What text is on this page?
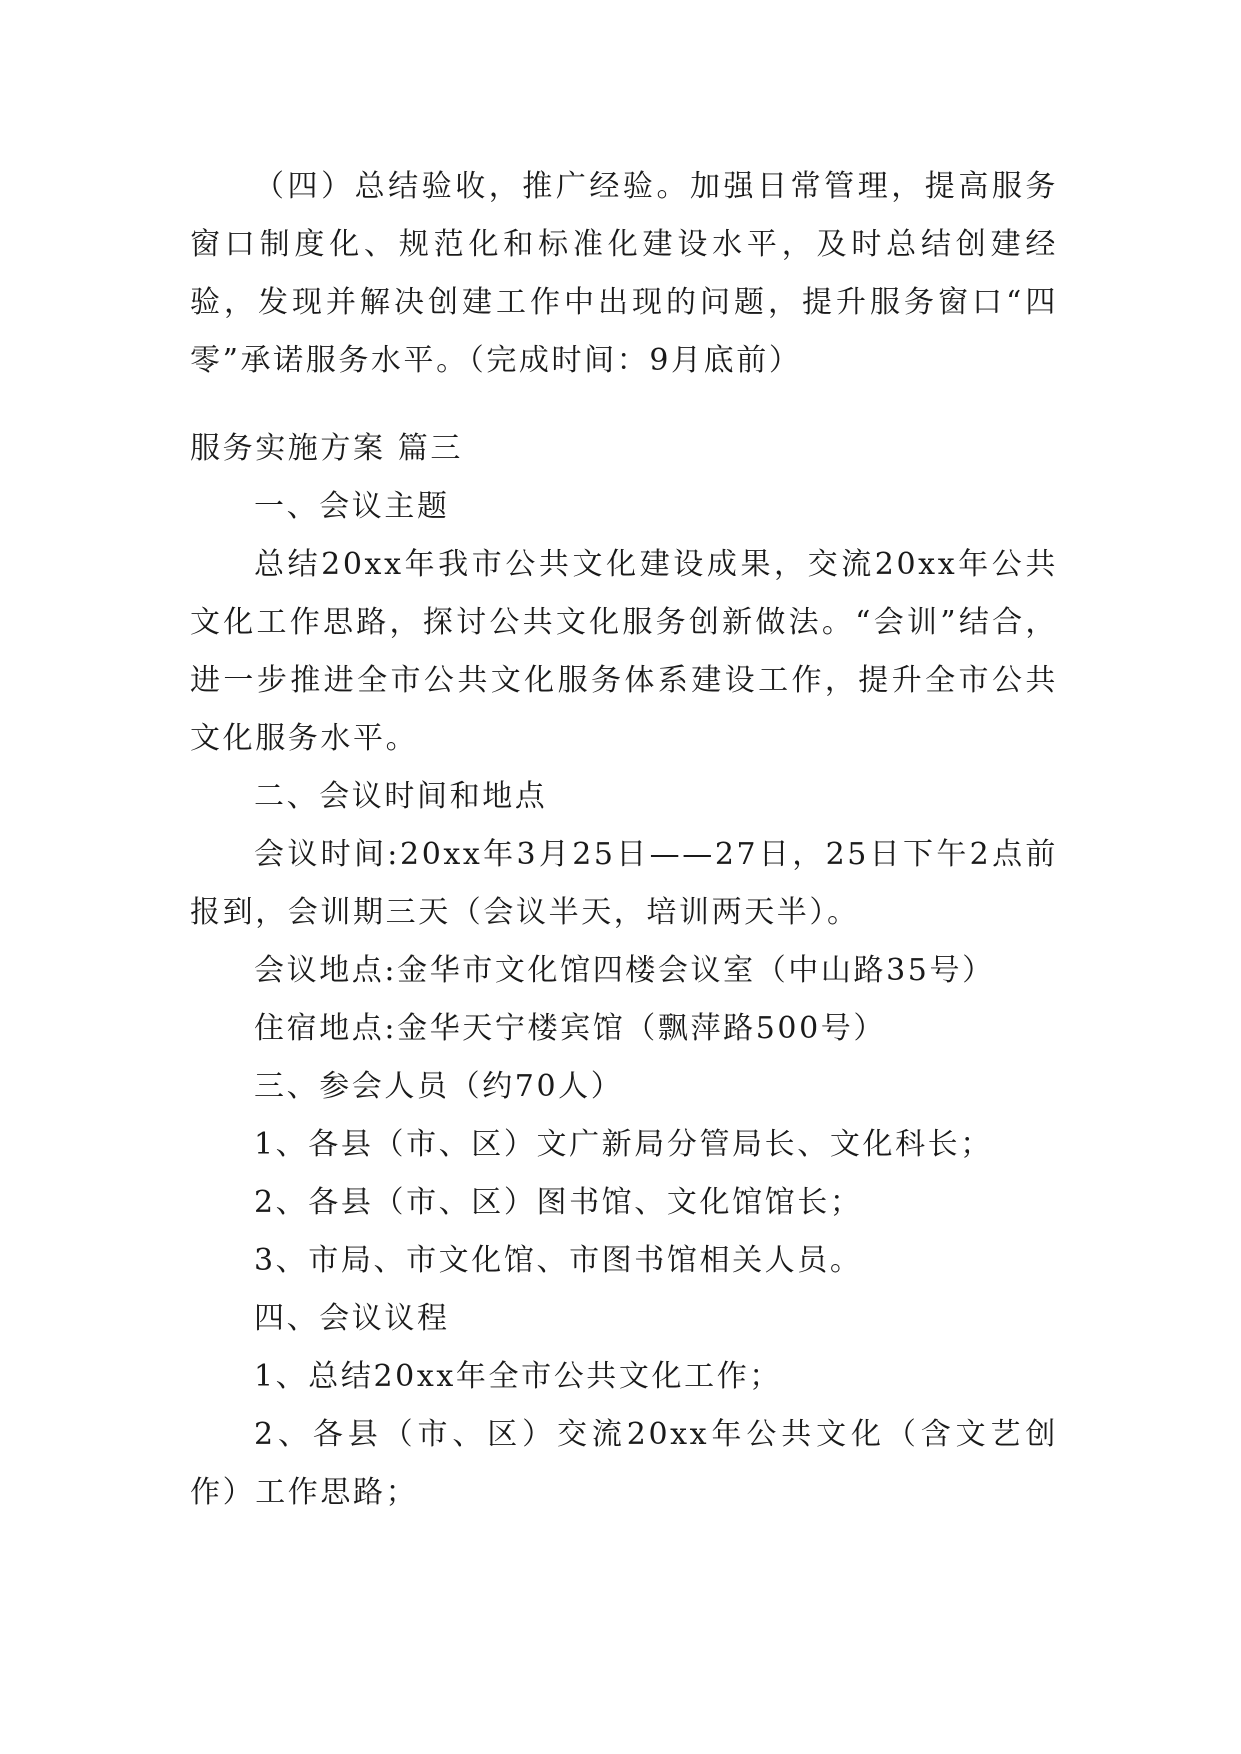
（四）总结验收，推广经验。加强日常管理，提高服务窗口制度化、规范化和标准化建设水平，及时总结创建经验，发现并解决创建工作中出现的问题，提升服务窗口“四零”承诺服务水平。（完成时间：9月底前）

服务实施方案 篇三

一、会议主题

总结20xx年我市公共文化建设成果，交流20xx年公共文化工作思路，探讨公共文化服务创新做法。“会训”结合，进一步推进全市公共文化服务体系建设工作，提升全市公共文化服务水平。

二、会议时间和地点

会议时间:20xx年3月25日——27日，25日下午2点前报到，会训期三天（会议半天，培训两天半）。

会议地点:金华市文化馆四楼会议室（中山路35号）

住宿地点:金华天宁楼宾馆（飘萍路500号）

三、参会人员（约70人）

1、各县（市、区）文广新局分管局长、文化科长；

2、各县（市、区）图书馆、文化馆馆长；

3、市局、市文化馆、市图书馆相关人员。

四、会议议程

1、总结20xx年全市公共文化工作；

2、各县（市、区）交流20xx年公共文化（含文艺创作）工作思路；
